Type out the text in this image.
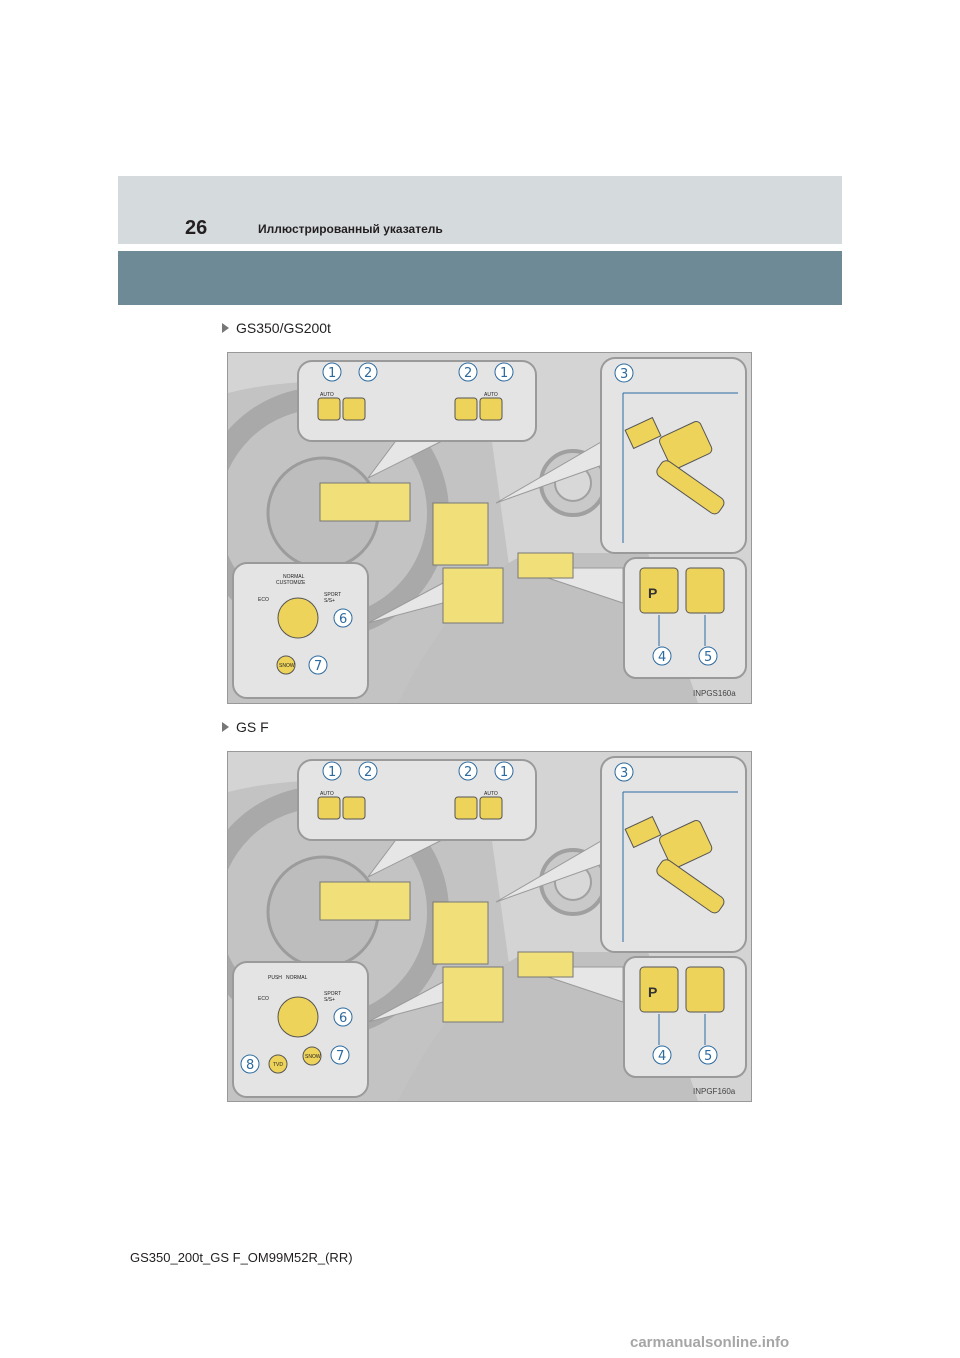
26	Иллюстрированный указатель
GS350/GS200t
AUTO	AUTO
1 2	2 1	3
P
4	5
NORMAL
CUSTOMIZE
ECO
SPORT
S/S+
SNOW
6
7
INPGS160a
GS F
AUTO	AUTO
1 2	2 1	3
P
4	5
PUSH NORMAL
ECO
SPORT
S/S+
TVD
SNOW
6
7
8
INPGF160a
GS350_200t_GS F_OM99M52R_(RR)
carmanualsonline.info
